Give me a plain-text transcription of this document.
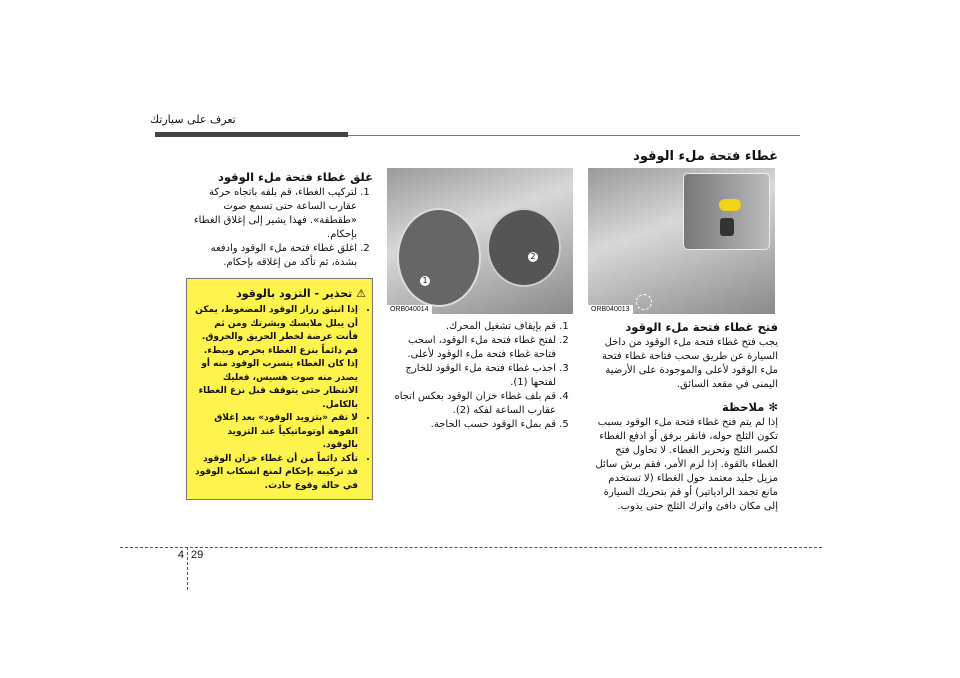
تعرف على سيارتك
غطاء فتحة ملء الوقود
ORB040013
فتح غطاء فتحة ملء الوقود
يجب فتح غطاء فتحة ملء الوقود من داخل السيارة عن طريق سحب فتاحة غطاء فتحة ملء الوقود لأعلى والموجودة على الأرضية اليمنى في مقعد السائق.
✻ ملاحظة
إذا لم يتم فتح غطاء فتحة ملء الوقود بسبب تكون الثلج حوله، فانقر برفق أو ادفع الغطاء لكسر الثلج وتحرير الغطاء. لا تحاول فتح الغطاء بالقوة. إذا لزم الأمر، فقم برش سائل مزيل جليد معتمد حول الغطاء (لا تستخدم مانع تجمد الرادياتير) أو قم بتحريك السيارة إلى مكان دافئ واترك الثلج حتى يذوب.
1
2
ORB040014
1. قم بإيقاف تشغيل المحرك.
2. لفتح غطاء فتحة ملء الوقود، اسحب فتاحة غطاء فتحة ملء الوقود لأعلى.
3. اجذب غطاء فتحة ملء الوقود للخارج لفتحها (1).
4. قم بلف غطاء خزان الوقود بعكس اتجاه عقارب الساعة لفكه (2).
5. قم بملء الوقود حسب الحاجة.
غلق غطاء فتحة ملء الوقود
1. لتركيب الغطاء، قم بلفه باتجاه حركة عقارب الساعة حتى تسمع صوت «طقطقة». فهذا يشير إلى إغلاق الغطاء بإحكام.
2. اغلق غطاء فتحة ملء الوقود وادفعه بشدة، ثم تأكد من إغلاقه بإحكام.
⚠ تحذير - التزود بالوقود
• إذا انبثق رزاز الوقود المضغوط، يمكن أن يبلل ملابسك وبشرتك ومن ثم فأنت عرضة لخطر الحريق والحروق. قم دائماً بنزع الغطاء بحرص وببطء. إذا كان الغطاء يتسرب الوقود منه أو يصدر منه صوت هسيس، فعليك الانتظار حتى يتوقف قبل نزع الغطاء بالكامل.
• لا تقم «بتزويد الوقود» بعد إغلاق الفوهة أوتوماتيكياً عند التزويد بالوقود.
• تأكد دائماً من أن غطاء خزان الوقود قد تركيبه بإحكام لمنع انسكاب الوقود في حالة وقوع حادث.
4 29
